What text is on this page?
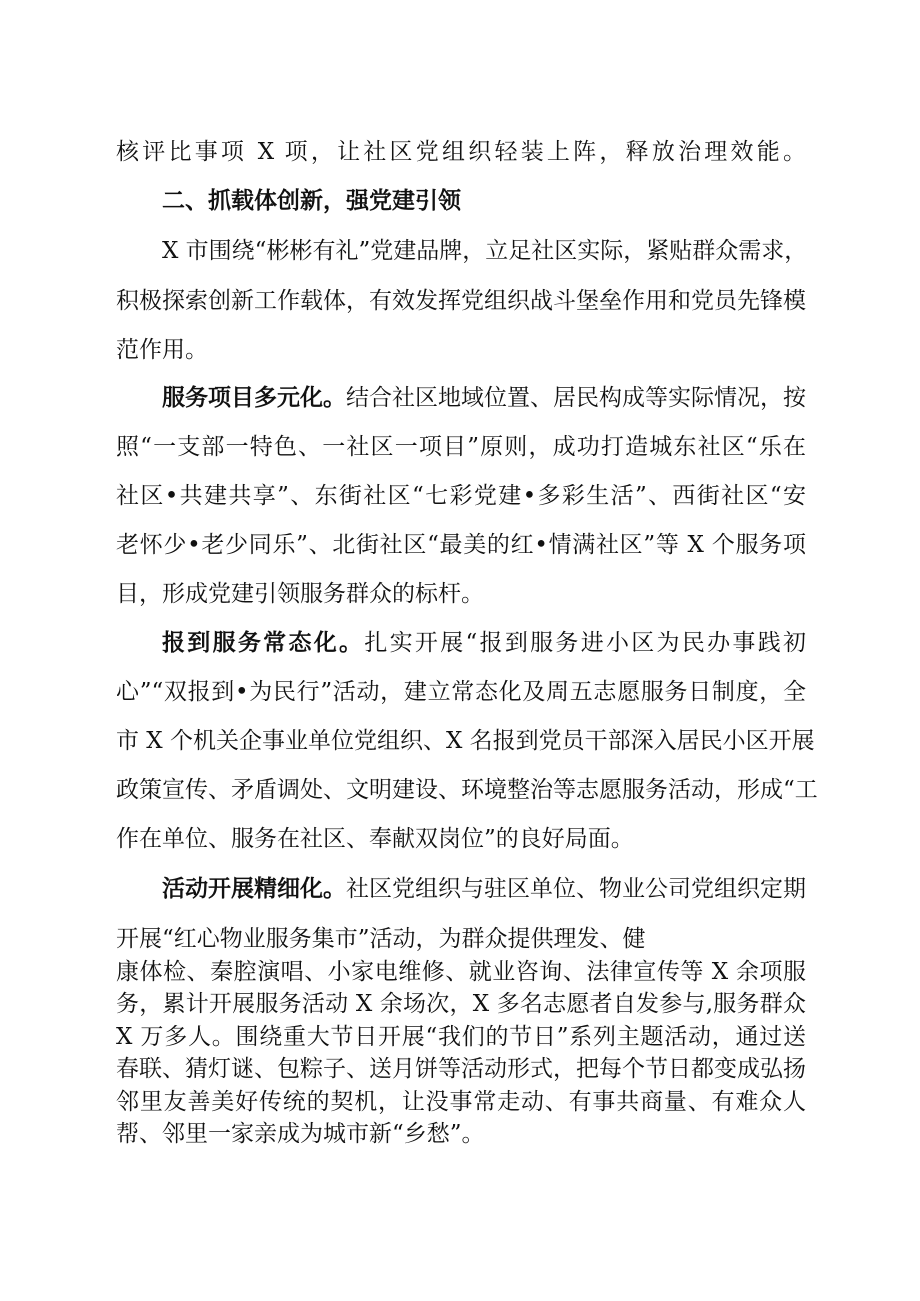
核评比事项 X 项，让社区党组织轻装上阵，释放治理效能。

二、抓载体创新，强党建引领

X 市围绕“彬彬有礼”党建品牌，立足社区实际，紧贴群众需求，

积极探索创新工作载体，有效发挥党组织战斗堡垒作用和党员先锋模

范作用。

服务项目多元化。结合社区地域位置、居民构成等实际情况， 按

照“一支部一特色、一社区一项目”原则，成功打造城东社区“乐在

社区•共建共享”、东街社区“七彩党建•多彩生活”、西街社区“安

老怀少•老少同乐”、北街社区“最美的红•情满社区”等 X 个服务项

目，形成党建引领服务群众的标杆。

报到服务常态化。扎实开展“报到服务进小区为民办事践初

心”“双报到•为民行”活动，建立常态化及周五志愿服务日制度，全

市 X 个机关企事业单位党组织、X 名报到党员干部深入居民小区开展

政策宣传、矛盾调处、文明建设、环境整治等志愿服务活动，形成“工

作在单位、服务在社区、奉献双岗位”的良好局面。

活动开展精细化。社区党组织与驻区单位、物业公司党组织定期

开展“红心物业服务集市”活动，为群众提供理发、健

康体检、秦腔演唱、小家电维修、就业咨询、法律宣传等 X 余项服

务，累计开展服务活动 X 余场次，X 多名志愿者自发参与,服务群众

X 万多人。围绕重大节日开展“我们的节日”系列主题活动，通过送

春联、猜灯谜、包粽子、送月饼等活动形式，把每个节日都变成弘扬

邻里友善美好传统的契机，让没事常走动、有事共商量、有难众人

帮、邻里一家亲成为城市新“乡愁”。
